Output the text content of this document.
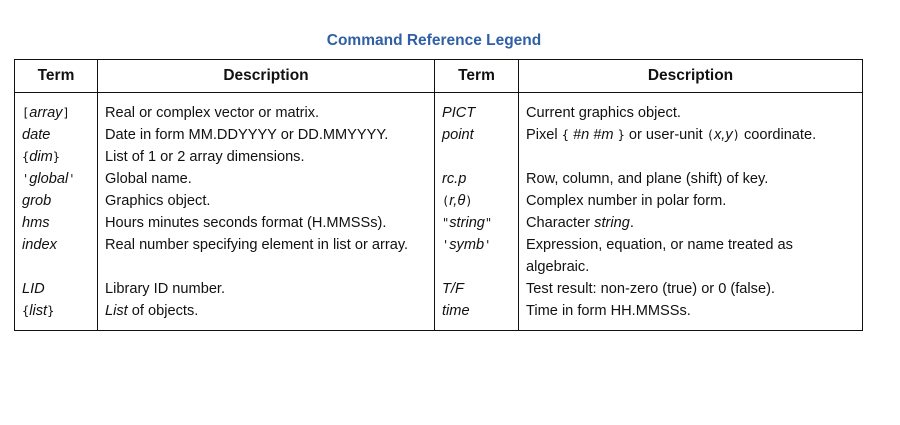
Command Reference Legend
Term	Description	Term	Description
[array]	Real or complex vector or matrix.	PICT	Current graphics object.
date	Date in form MM.DDYYYY or DD.MMYYYY.	point	Pixel { #n #m } or user-unit (x,y) coordinate.
{dim}	List of 1 or 2 array dimensions.		
'global'	Global name.	rc.p	Row, column, and plane (shift) of key.
grob	Graphics object.	(r,θ)	Complex number in polar form.
hms	Hours minutes seconds format (H.MMSSs).	"string"	Character string.
index	Real number specifying element in list or array.	'symb'	Expression, equation, or name treated as algebraic.
LID	Library ID number.	T/F	Test result: non-zero (true) or 0 (false).
{list}	List of objects.	time	Time in form HH.MMSSs.
